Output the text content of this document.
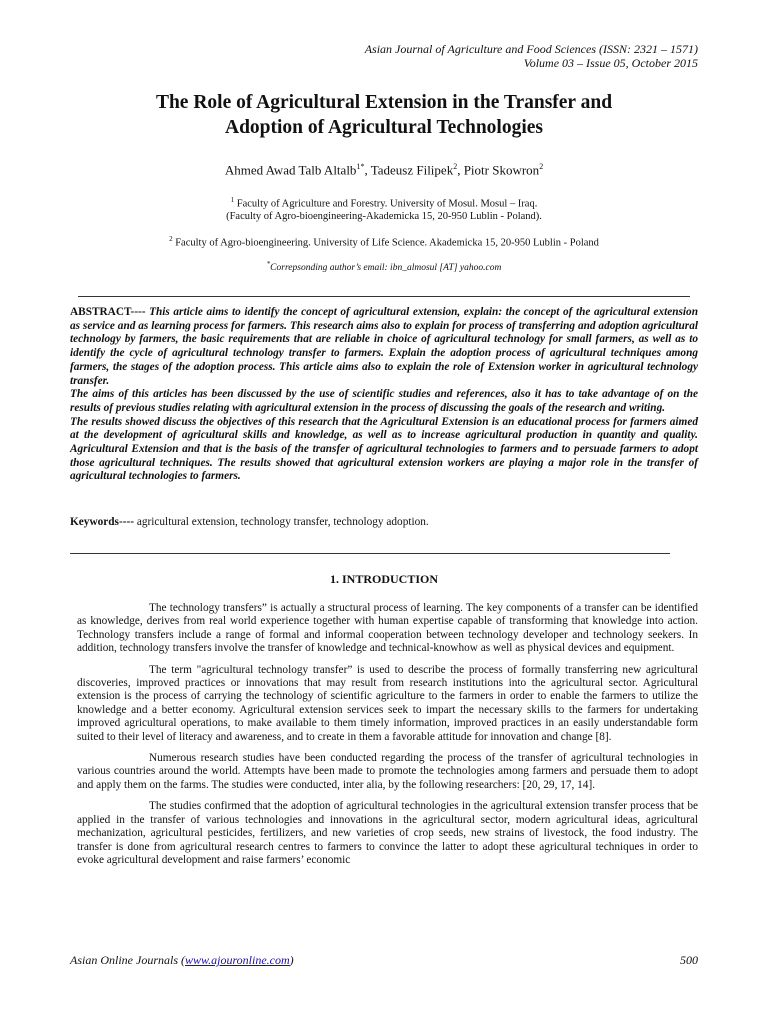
Asian Journal of Agriculture and Food Sciences (ISSN: 2321 – 1571)
Volume 03 – Issue 05, October 2015
The Role of Agricultural Extension in the Transfer and
Adoption of Agricultural Technologies
Ahmed Awad Talb Altalb$^{1*}$, Tadeusz Filipek$^2$, Piotr Skowron$^2$
$^1$ Faculty of Agriculture and Forestry. University of Mosul. Mosul – Iraq.
(Faculty of Agro-bioengineering-Akademicka 15, 20-950 Lublin - Poland).
$^2$ Faculty of Agro-bioengineering. University of Life Science. Akademicka 15, 20-950 Lublin - Poland
*Correpsonding author’s email: ibn_almosul [AT] yahoo.com

ABSTRACT---- This article aims to identify the concept of agricultural extension, explain: the concept of the agricultural extension as service and as learning process for farmers. This research aims also to explain for process of transferring and adoption agricultural technology by farmers, the basic requirements that are reliable in choice of agricultural technology for small farmers, as well as to identify the cycle of agricultural technology transfer to farmers. Explain the adoption process of agricultural techniques among farmers, the stages of the adoption process. This article aims also to explain the role of Extension worker in agricultural technology transfer.

The aims of this articles has been discussed by the use of scientific studies and references, also it has to take advantage of on the results of previous studies relating with agricultural extension in the process of discussing the goals of the research and writing.

The results showed discuss the objectives of this research that the Agricultural Extension is an educational process for farmers aimed at the development of agricultural skills and knowledge, as well as to increase agricultural production in quantity and quality. Agricultural Extension and that is the basis of the transfer of agricultural technologies to farmers and to persuade farmers to adopt those agricultural techniques. The results showed that agricultural extension workers are playing a major role in the transfer of agricultural technologies to farmers.

Keywords---- agricultural extension, technology transfer, technology adoption.
1. INTRODUCTION

The technology transfers” is actually a structural process of learning. The key components of a transfer can be identified as knowledge, derives from real world experience together with human expertise capable of transforming that knowledge into action. Technology transfers include a range of formal and informal cooperation between technology developer and technology seekers. In addition, technology transfers involve the transfer of knowledge and technical-knowhow as well as physical devices and equipment.

The term "agricultural technology transfer” is used to describe the process of formally transferring new agricultural discoveries, improved practices or innovations that may result from research institutions into the agricultural sector. Agricultural extension is the process of carrying the technology of scientific agriculture to the farmers in order to enable the farmers to utilize the knowledge and a better economy. Agricultural extension services seek to impart the necessary skills to the farmers for undertaking improved agricultural operations, to make available to them timely information, improved practices in an easily understandable form suited to their level of literacy and awareness, and to create in them a favorable attitude for innovation and change [8].

Numerous research studies have been conducted regarding the process of the transfer of agricultural technologies in various countries around the world. Attempts have been made to promote the technologies among farmers and persuade them to adopt and apply them on the farms. The studies were conducted, inter alia, by the following researchers: [20, 29, 17, 14].

The studies confirmed that the adoption of agricultural technologies in the agricultural extension transfer process that be applied in the transfer of various technologies and innovations in the agricultural sector, modern agricultural ideas, agricultural mechanization, agricultural pesticides, fertilizers, and new varieties of crop seeds, new strains of livestock, the food industry. The transfer is done from agricultural research centres to farmers to convince the latter to adopt these agricultural techniques in order to evoke agricultural development and raise farmers’ economic

Asian Online Journals (www.ajouronline.com)	500
